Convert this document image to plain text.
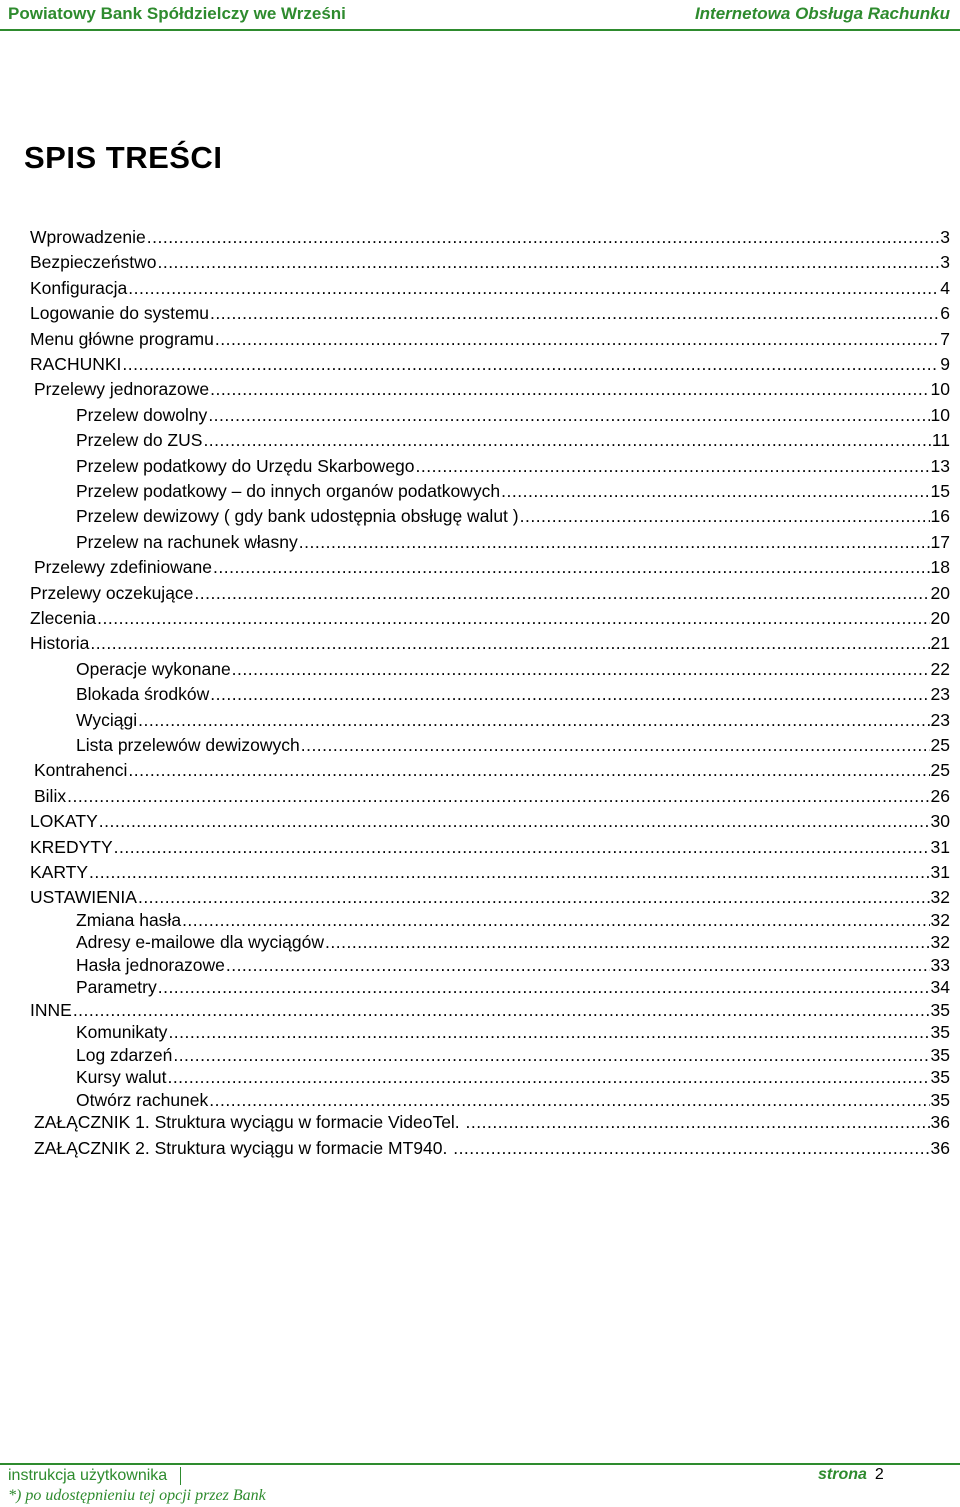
Powiatowy Bank Spółdzielczy we Wrześni	Internetowa Obsługa Rachunku
SPIS TREŚCI
Wprowadzenie .....	3
Bezpieczeństwo .....	3
Konfiguracja .....	4
Logowanie do systemu .....	6
Menu główne programu .....	7
RACHUNKI .....	9
Przelewy jednorazowe .....	10
Przelew dowolny .....	10
Przelew do ZUS .....	11
Przelew podatkowy do Urzędu Skarbowego .....	13
Przelew podatkowy – do innych organów podatkowych .....	15
Przelew dewizowy ( gdy bank udostępnia obsługę walut ) .....	16
Przelew na rachunek własny .....	17
Przelewy zdefiniowane .....	18
Przelewy oczekujące .....	20
Zlecenia .....	20
Historia .....	21
Operacje wykonane .....	22
Blokada środków .....	23
Wyciągi .....	23
Lista przelewów dewizowych .....	25
Kontrahenci .....	25
Bilix .....	26
LOKATY .....	30
KREDYTY .....	31
KARTY .....	31
USTAWIENIA .....	32
Zmiana hasła .....	32
Adresy e-mailowe dla wyciągów .....	32
Hasła jednorazowe .....	33
Parametry .....	34
INNE .....	35
Komunikaty .....	35
Log zdarzeń .....	35
Kursy walut .....	35
Otwórz rachunek .....	35
ZAŁĄCZNIK 1. Struktura wyciągu w formacie VideoTel. .....	36
ZAŁĄCZNIK 2. Struktura wyciągu w formacie MT940. .....	36
instrukcja użytkownika	strona 2
*) po udostępnieniu tej opcji przez Bank
